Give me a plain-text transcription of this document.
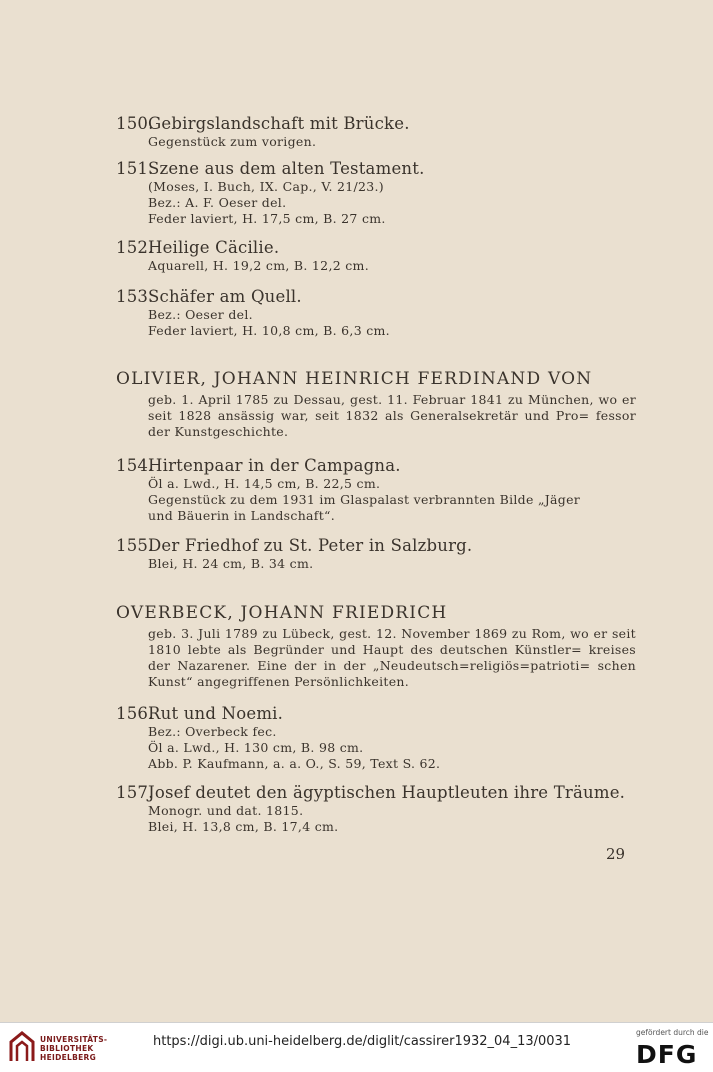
150.Gebirgslandschaft mit Brücke.
Gegenstück zum vorigen.
151.Szene aus dem alten Testament.
(Moses, I. Buch, IX. Cap., V. 21/23.)
Bez.: A. F. Oeser del.
Feder laviert, H. 17,5 cm, B. 27 cm.
152.Heilige Cäcilie.
Aquarell, H. 19,2 cm, B. 12,2 cm.
153.Schäfer am Quell.
Bez.: Oeser del.
Feder laviert, H. 10,8 cm, B. 6,3 cm.
OLIVIER, JOHANN HEINRICH FERDINAND VON
geb. 1. April 1785 zu Dessau, gest. 11. Februar 1841 zu München, wo er seit 1828 ansässig war, seit 1832 als Generalsekretär und Pro= fessor der Kunstgeschichte.
154.Hirtenpaar in der Campagna.
Öl a. Lwd., H. 14,5 cm, B. 22,5 cm.
Gegenstück zu dem 1931 im Glaspalast verbrannten Bilde „Jäger
und Bäuerin in Landschaft“.
155.Der Friedhof zu St. Peter in Salzburg.
Blei, H. 24 cm, B. 34 cm.
OVERBECK, JOHANN FRIEDRICH
geb. 3. Juli 1789 zu Lübeck, gest. 12. November 1869 zu Rom, wo er seit 1810 lebte als Begründer und Haupt des deutschen Künstler= kreises der Nazarener. Eine der in der „Neudeutsch=religiös=patrioti= schen Kunst“ angegriffenen Persönlichkeiten.
156.Rut und Noemi.
Bez.: Overbeck fec.
Öl a. Lwd., H. 130 cm, B. 98 cm.
Abb. P. Kaufmann, a. a. O., S. 59, Text S. 62.
157.Josef deutet den ägyptischen Hauptleuten ihre Träume.
Monogr. und dat. 1815.
Blei, H. 13,8 cm, B. 17,4 cm.
29
UNIVERSITÄTS-
BIBLIOTHEK
HEIDELBERG
https://digi.ub.uni-heidelberg.de/diglit/cassirer1932_04_13/0031
gefördert durch die
DFG
